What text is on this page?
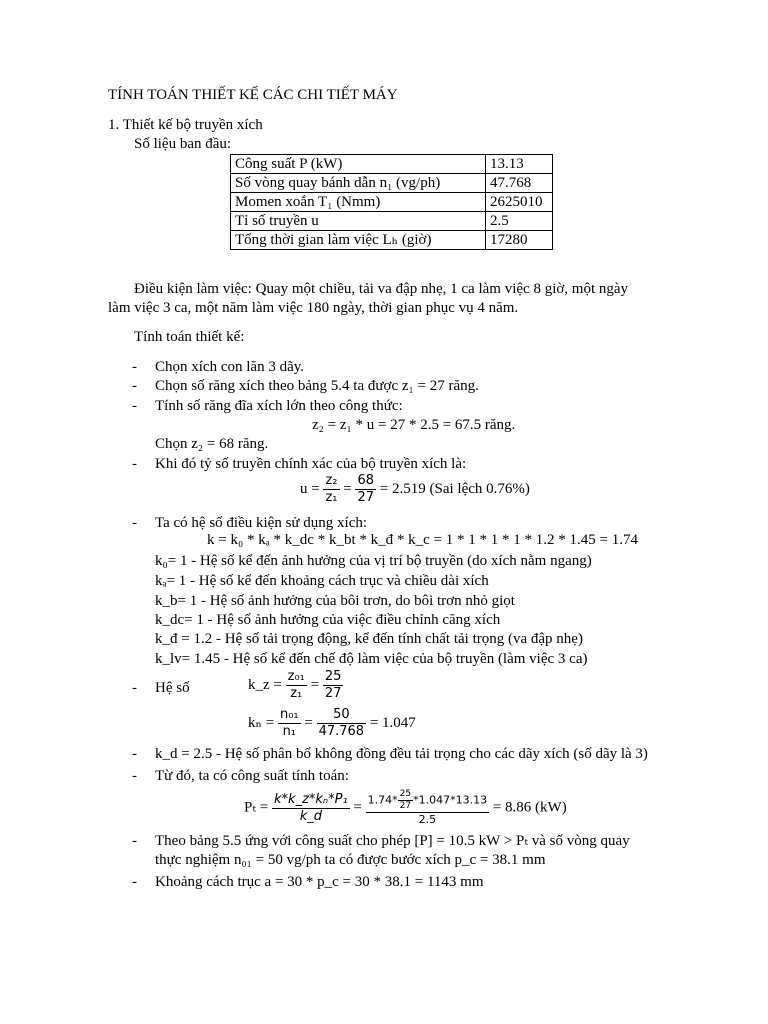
TÍNH TOÁN THIẾT KẾ CÁC CHI TIẾT MÁY
1. Thiết kế bộ truyền xích
Số liệu ban đầu:
Công suất P (kW)	13.13
Số vòng quay bánh dẫn n₁ (vg/ph)	47.768
Momen xoắn T₁ (Nmm)	2625010
Tỉ số truyền u	2.5
Tổng thời gian làm việc Lₕ (giờ)	17280
Điều kiện làm việc: Quay một chiều, tải va đập nhẹ, 1 ca làm việc 8 giờ, một ngày
làm việc 3 ca, một năm làm việc 180 ngày, thời gian phục vụ 4 năm.
Tính toán thiết kế:
- Chọn xích con lăn 3 dãy.
- Chọn số răng xích theo bảng 5.4 ta được z₁ = 27 răng.
- Tính số răng đĩa xích lớn theo công thức:
z₂ = z₁ * u = 27 * 2.5 = 67.5 răng.
Chọn z₂ = 68 răng.
- Khi đó tỷ số truyền chính xác của bộ truyền xích là:
$u = \frac{\text{z₂}}{\text{z₁}} = \frac{68}{27} = 2.519$ (Sai lệch 0.76%)
- Ta có hệ số điều kiện sử dụng xích:
k = k₀ * kₐ * k_dc * k_bt * k_đ * k_c = 1 * 1 * 1 * 1 * 1.2 * 1.45 = 1.74
k₀= 1 - Hệ số kể đến ảnh hưởng của vị trí bộ truyền (do xích nằm ngang)
kₐ= 1 - Hệ số kể đến khoảng cách trục và chiều dài xích
k_b= 1 - Hệ số ảnh hưởng của bôi trơn, do bôi trơn nhỏ giọt
k_dc= 1 - Hệ số ảnh hưởng của việc điều chỉnh căng xích
k_đ = 1.2 - Hệ số tải trọng động, kể đến tính chất tải trọng (va đập nhẹ)
k_lv= 1.45 - Hệ số kể đến chế độ làm việc của bộ truyền (làm việc 3 ca)
- Hệ số	k_z = $\frac{\text{z₀₁}}{\text{z₁}} = \frac{25}{27}$
$k_n = \frac{\text{n₀₁}}{\text{n₁}} = \frac{50}{47.768} = 1.047$
- k_d = 2.5 - Hệ số phân bố không đồng đều tải trọng cho các dãy xích (số dãy là 3)
- Từ đó, ta có công suất tính toán:
$P_t = \frac{\text{k*k\_z*kₙ*P₁}}{k\_d} = \frac{1.74* \frac{25}{27} *1.047*13.13}{2.5} = 8.86$ (kW)
- Theo bảng 5.5 ứng với công suất cho phép [P] = 10.5 kW > Pₜ và số vòng quay
thực nghiệm n₀₁ = 50 vg/ph ta có được bước xích p_c = 38.1 mm
- Khoảng cách trục a = 30 * p_c = 30 * 38.1 = 1143 mm
